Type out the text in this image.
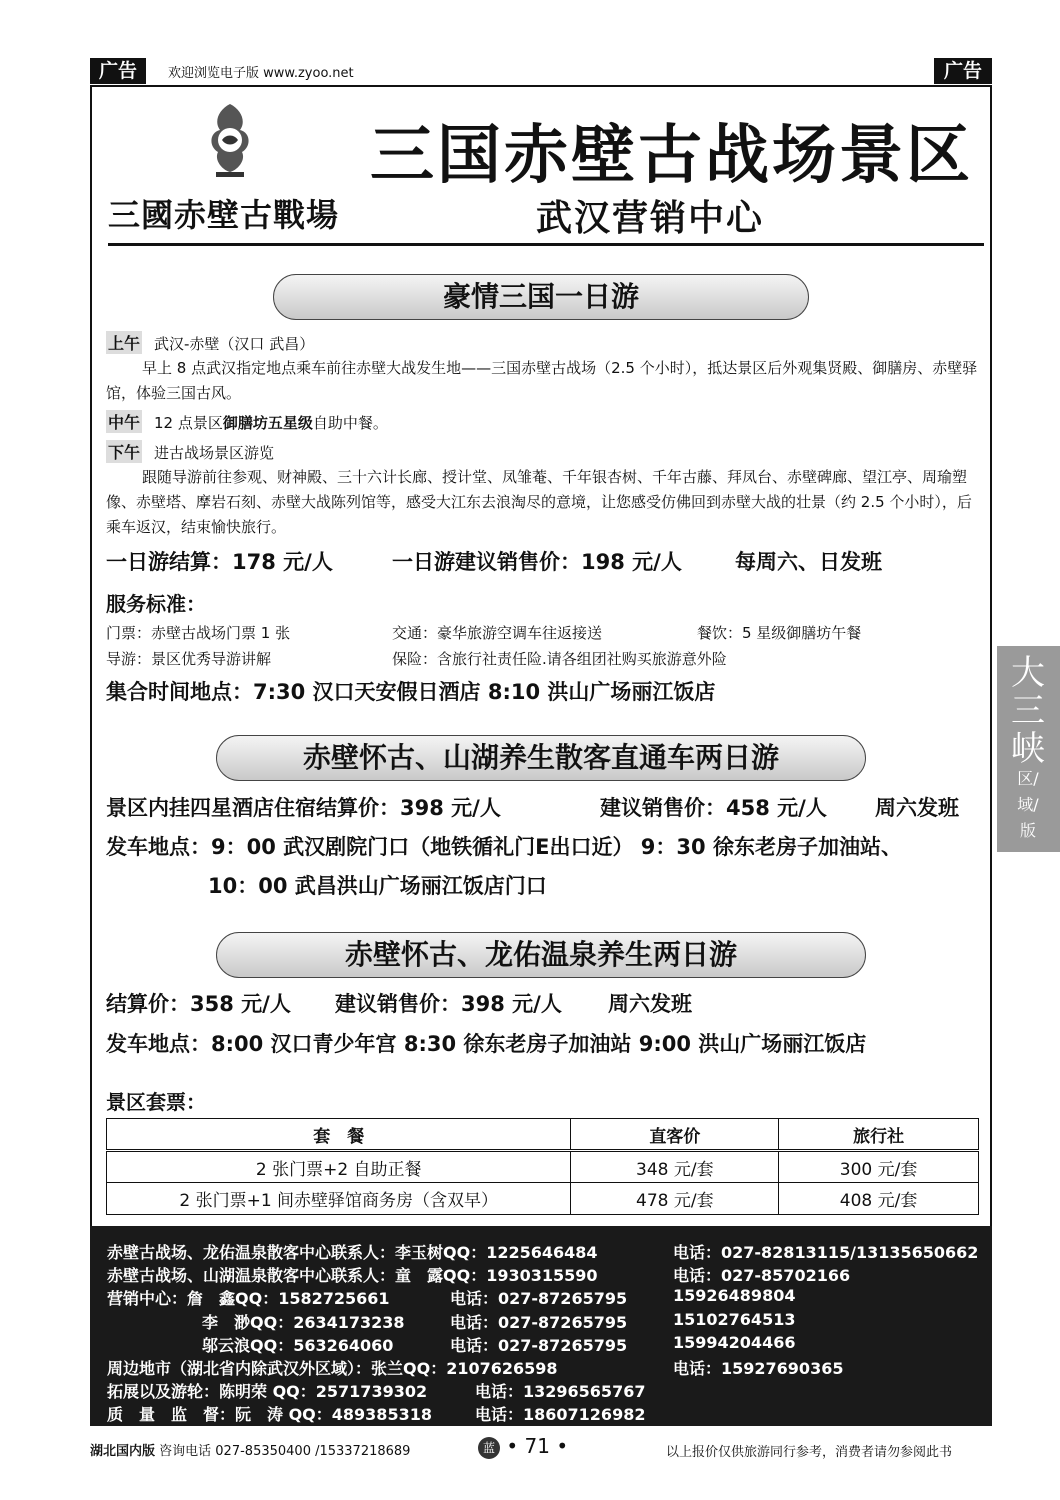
广告	欢迎浏览电子版 www.zyoo.net	广告
三國赤壁古戰場
三国赤壁古战场景区
武汉营销中心
豪情三国一日游
上午 武汉-赤壁（汉口 武昌）
早上 8 点武汉指定地点乘车前往赤壁大战发生地——三国赤壁古战场（2.5 个小时），抵达景区后外观集贤殿、御膳房、赤壁驿馆，体验三国古风。
中午 12 点景区御膳坊五星级自助中餐。
下午 进古战场景区游览
跟随导游前往参观、财神殿、三十六计长廊、授计堂、凤雏菴、千年银杏树、千年古藤、拜凤台、赤壁碑廊、望江亭、周瑜塑像、赤壁塔、摩岩石刻、赤壁大战陈列馆等，感受大江东去浪淘尽的意境，让您感受仿佛回到赤壁大战的壮景（约 2.5 个小时），后乘车返汉，结束愉快旅行。
一日游结算：178 元/人	一日游建议销售价：198 元/人	每周六、日发班
服务标准：
门票：赤壁古战场门票 1 张	交通：豪华旅游空调车往返接送	餐饮：5 星级御膳坊午餐
导游：景区优秀导游讲解	保险：含旅行社责任险.请各组团社购买旅游意外险
集合时间地点：7:30 汉口天安假日酒店 8:10 洪山广场丽江饭店
赤壁怀古、山湖养生散客直通车两日游
景区内挂四星酒店住宿结算价：398 元/人	建议销售价：458 元/人 周六发班
发车地点：9：00 武汉剧院门口（地铁循礼门E出口近） 9：30 徐东老房子加油站、
10：00 武昌洪山广场丽江饭店门口
赤壁怀古、龙佑温泉养生两日游
结算价：358 元/人 建议销售价：398 元/人 周六发班
发车地点：8:00 汉口青少年宫 8:30 徐东老房子加油站 9:00 洪山广场丽江饭店
景区套票：
套　餐	直客价	旅行社
2 张门票+2 自助正餐	348 元/套	300 元/套
2 张门票+1 间赤壁驿馆商务房（含双早）	478 元/套	408 元/套
赤壁古战场、龙佑温泉散客中心联系人：李玉树QQ：1225646484	电话：027-82813115/13135650662
赤壁古战场、山湖温泉散客中心联系人：童　露QQ：1930315590	电话：027-85702166
营销中心：詹　鑫QQ：1582725661	电话：027-87265795	15926489804
李　渺QQ：2634173238	电话：027-87265795	15102764513
邬云浪QQ：563264060	电话：027-87265795	15994204466
周边地市（湖北省内除武汉外区域）：张兰QQ：2107626598	电话：15927690365
拓展以及游轮：陈明荣 QQ：2571739302	电话：13296565767
质　量　监　督：阮　涛 QQ：489385318	电话：18607126982
湖北国内版 咨询电话 027-85350400 /15337218689	蓝 • 71 •	以上报价仅供旅游同行参考，消费者请勿参阅此书
大三峡
区/域/版
